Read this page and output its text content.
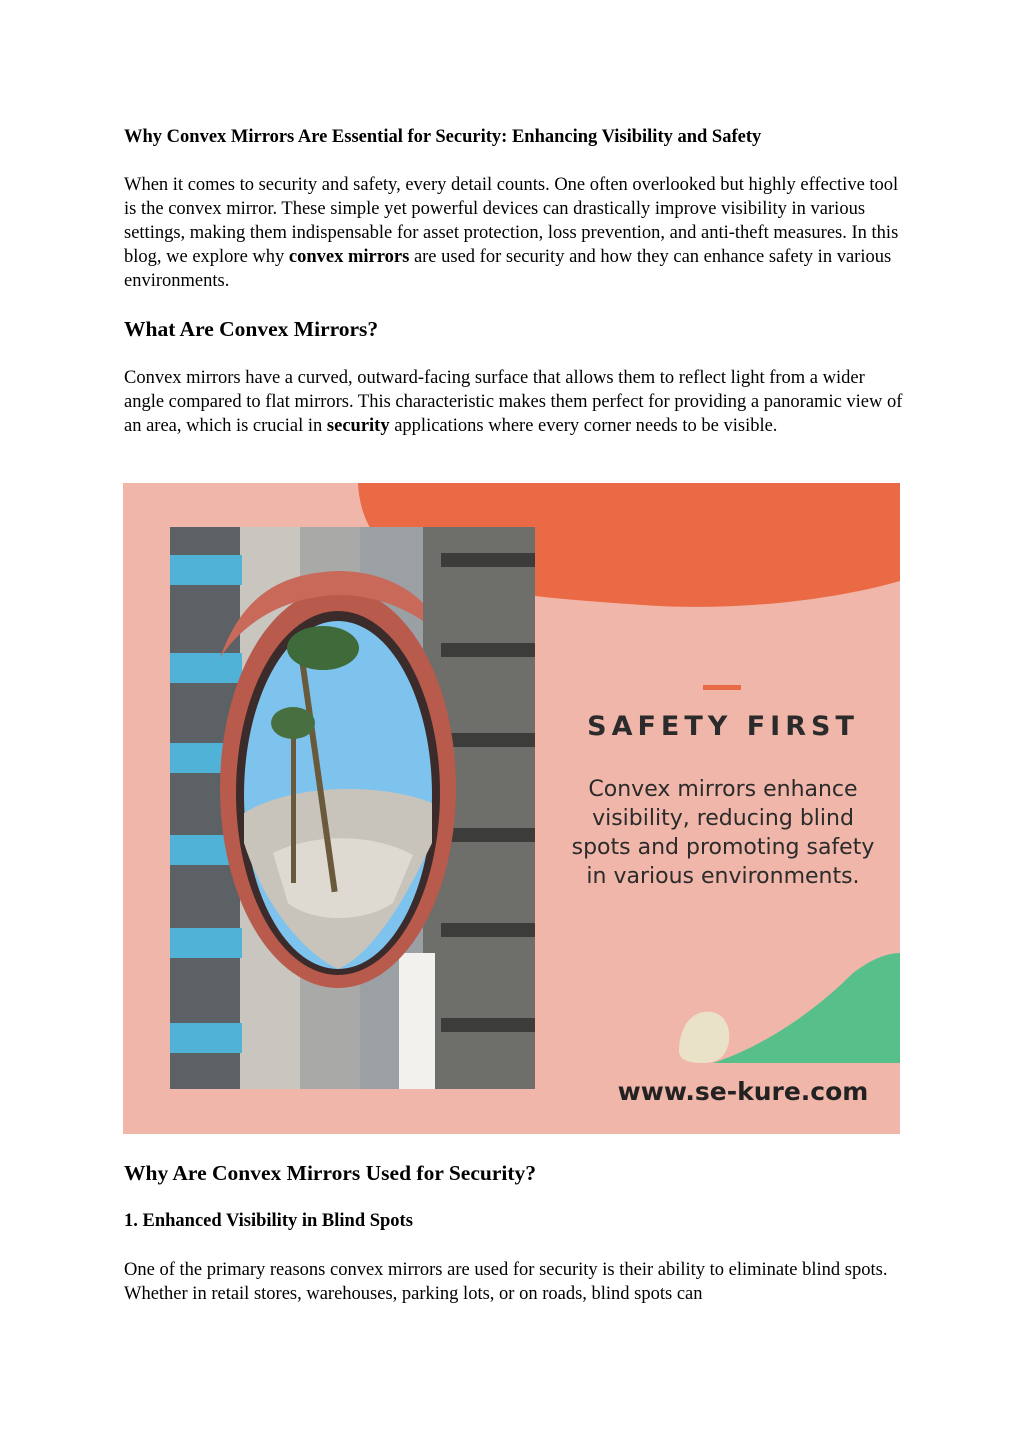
Why Convex Mirrors Are Essential for Security: Enhancing Visibility and Safety

When it comes to security and safety, every detail counts. One often overlooked but highly effective tool is the convex mirror. These simple yet powerful devices can drastically improve visibility in various settings, making them indispensable for asset protection, loss prevention, and anti-theft measures. In this blog, we explore why convex mirrors are used for security and how they can enhance safety in various environments.

What Are Convex Mirrors?

Convex mirrors have a curved, outward-facing surface that allows them to reflect light from a wider angle compared to flat mirrors. This characteristic makes them perfect for providing a panoramic view of an area, which is crucial in security applications where every corner needs to be visible.

SAFETY FIRST
Convex mirrors enhance visibility, reducing blind spots and promoting safety in various environments.
www.se-kure.com
Why Are Convex Mirrors Used for Security?
1. Enhanced Visibility in Blind Spots

One of the primary reasons convex mirrors are used for security is their ability to eliminate blind spots. Whether in retail stores, warehouses, parking lots, or on roads, blind spots can
